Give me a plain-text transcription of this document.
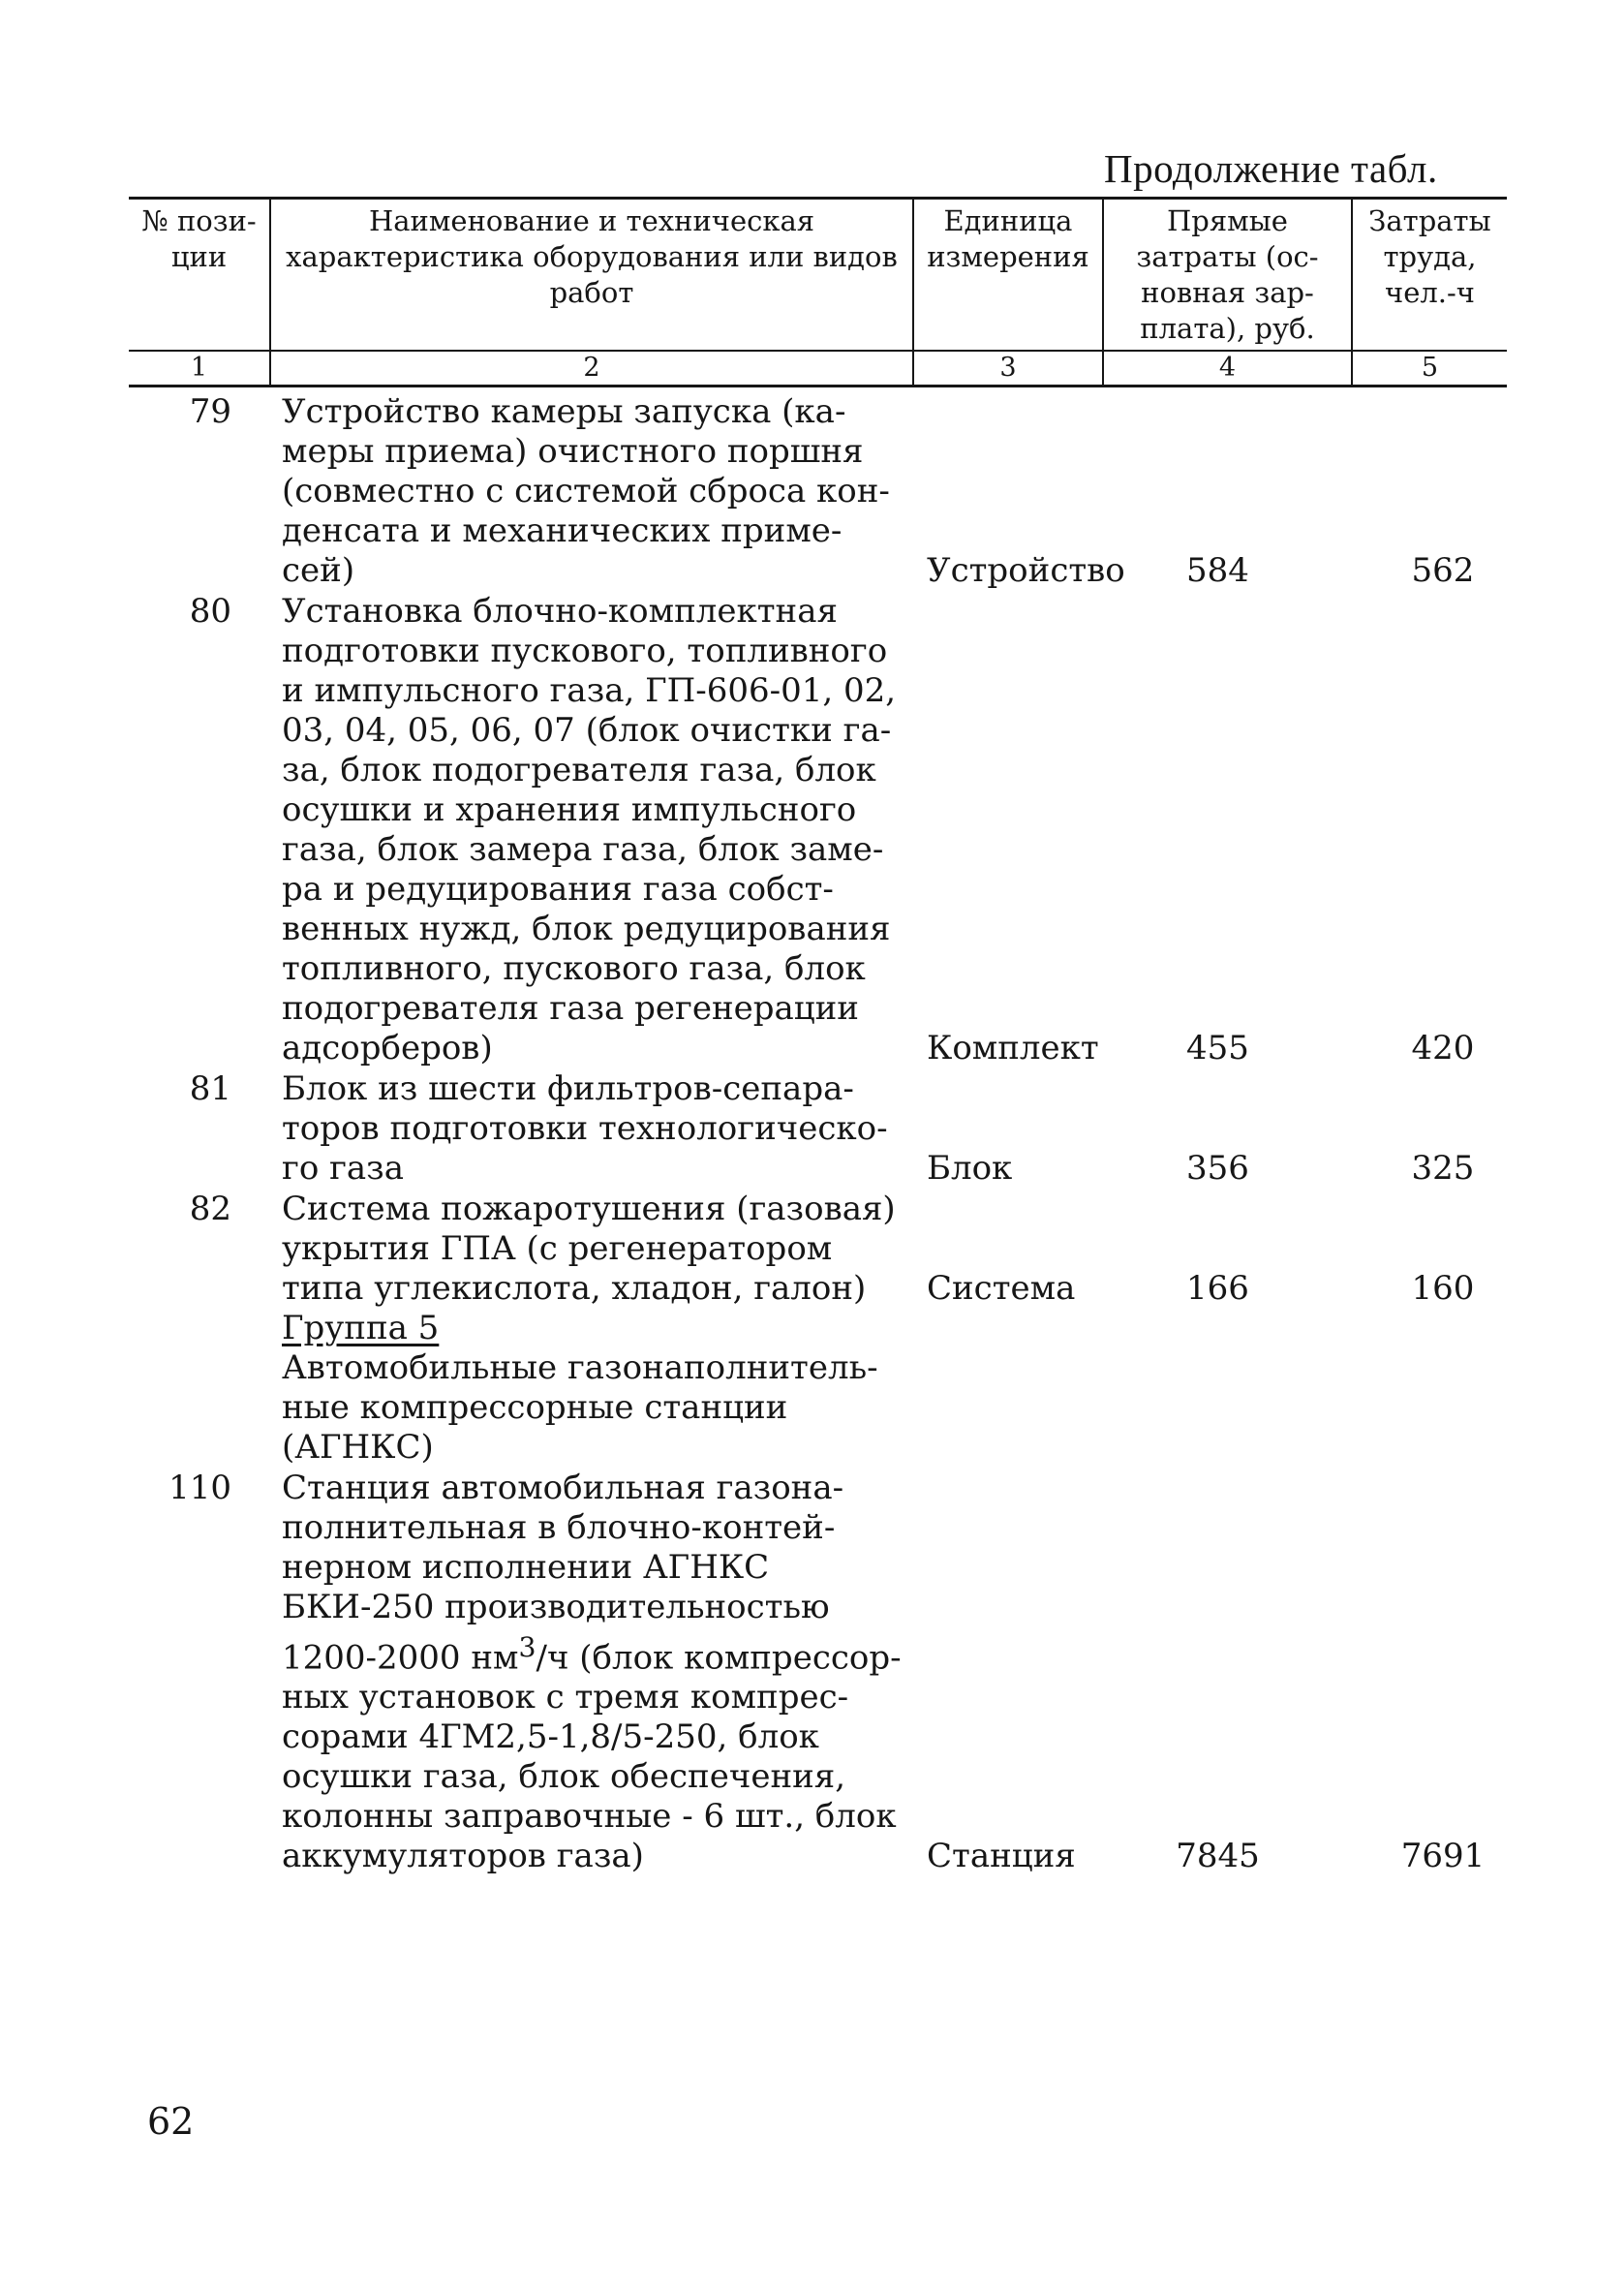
Продолжение табл.

№ пози-ции	Наименование и техническая характеристика оборудования или видов работ	Единица измерения	Прямые затраты (ос-новная зар-плата), руб.	Затраты труда, чел.-ч
1	2	3	4	5
79	Устройство камеры запуска (ка-меры приема) очистного поршня (совместно с системой сброса кон-денсата и механических приме-сей)	Устройство	584	562
80	Установка блочно-комплектная подготовки пускового, топливного и импульсного газа, ГП-606-01, 02, 03, 04, 05, 06, 07 (блок очистки га-за, блок подогревателя газа, блок осушки и хранения импульсного газа, блок замера газа, блок заме-ра и редуцирования газа собст-венных нужд, блок редуцирования топливного, пускового газа, блок подогревателя газа регенерации адсорберов)	Комплект	455	420
81	Блок из шести фильтров-сепара-торов подготовки технологическо-го газа	Блок	356	325
82	Система пожаротушения (газовая) укрытия ГПА (с регенератором типа углекислота, хладон, галон)	Система	166	160

	Группа 5
Автомобильные газонаполнитель-ные компрессорные станции (АГНКС)			

110	Станция автомобильная газона-полнительная в блочно-контей-нерном исполнении АГНКС БКИ-250 производительностью 1200-2000 $нм^3/ч$ (блок компрессор-ных установок с тремя компрес-сорами 4ГМ2,5-1,8/5-250, блок осушки газа, блок обеспечения, колонны заправочные - 6 шт., блок аккумуляторов газа)	Станция	7845	7691

62
